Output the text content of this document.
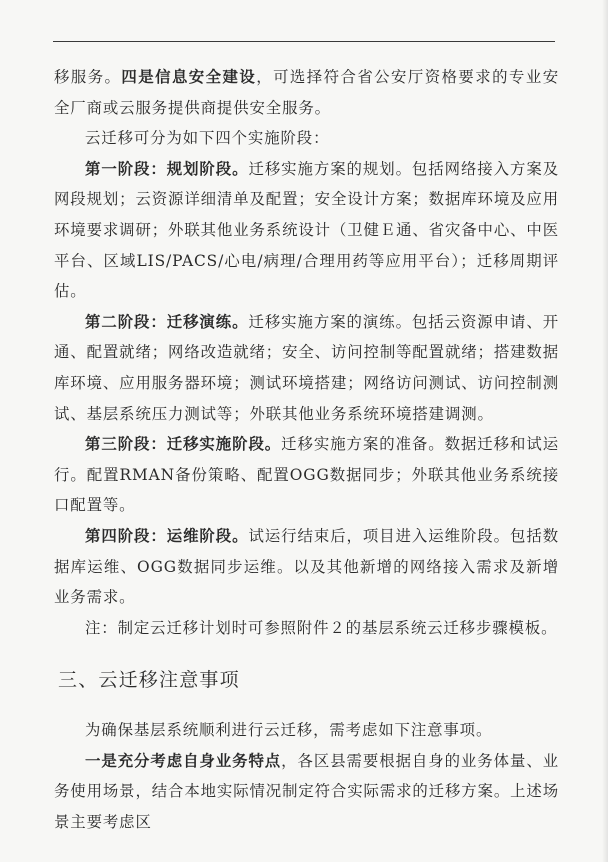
移服务。四是信息安全建设，可选择符合省公安厅资格要求的专业安全厂商或云服务提供商提供安全服务。

云迁移可分为如下四个实施阶段：

第一阶段：规划阶段。迁移实施方案的规划。包括网络接入方案及网段规划；云资源详细清单及配置；安全设计方案；数据库环境及应用环境要求调研；外联其他业务系统设计（卫健Ｅ通、省灾备中心、中医平台、区域LIS/PACS/心电/病理/合理用药等应用平台）；迁移周期评估。

第二阶段：迁移演练。迁移实施方案的演练。包括云资源申请、开通、配置就绪；网络改造就绪；安全、访问控制等配置就绪；搭建数据库环境、应用服务器环境；测试环境搭建；网络访问测试、访问控制测试、基层系统压力测试等；外联其他业务系统环境搭建调测。

第三阶段：迁移实施阶段。迁移实施方案的准备。数据迁移和试运行。配置RMAN备份策略、配置OGG数据同步；外联其他业务系统接口配置等。

第四阶段：运维阶段。试运行结束后，项目进入运维阶段。包括数据库运维、OGG数据同步运维。以及其他新增的网络接入需求及新增业务需求。

注：制定云迁移计划时可参照附件２的基层系统云迁移步骤模板。

三、云迁移注意事项

为确保基层系统顺利进行云迁移，需考虑如下注意事项。

一是充分考虑自身业务特点，各区县需要根据自身的业务体量、业务使用场景，结合本地实际情况制定符合实际需求的迁移方案。上述场景主要考虑区
